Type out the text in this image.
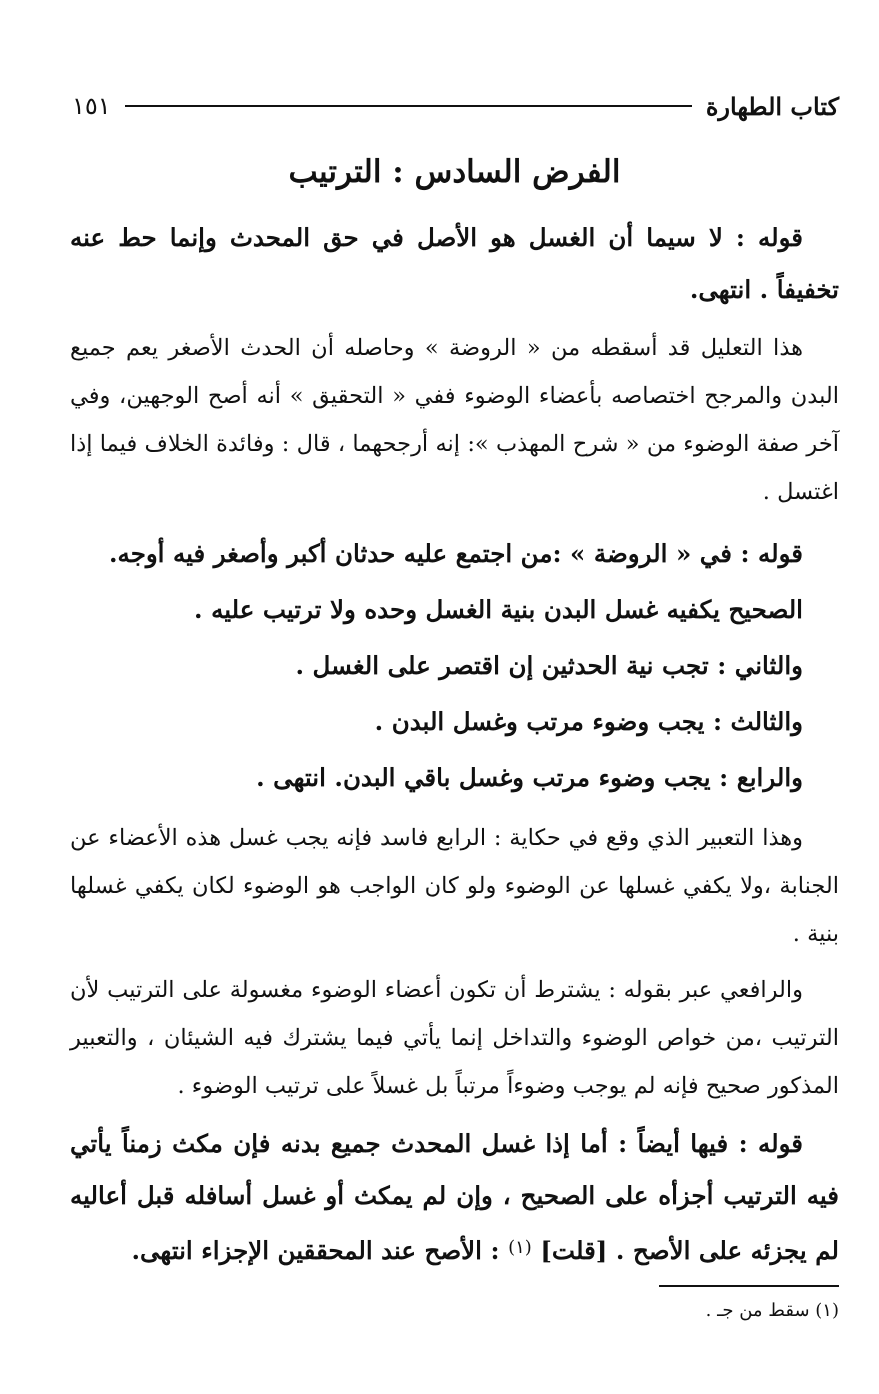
كتاب الطهارة
١٥١
الفرض السادس : الترتيب

قوله : لا سيما أن الغسل هو الأصل في حق المحدث وإنما حط عنه تخفيفاً . انتهى.

هذا التعليل قد أسقطه من « الروضة » وحاصله أن الحدث الأصغر يعم جميع البدن والمرجح اختصاصه بأعضاء الوضوء ففي « التحقيق » أنه أصح الوجهين، وفي آخر صفة الوضوء من « شرح المهذب »: إنه أرجحهما ، قال : وفائدة الخلاف فيما إذا اغتسل .

قوله : في « الروضة » :من اجتمع عليه حدثان أكبر وأصغر فيه أوجه.

الصحيح يكفيه غسل البدن بنية الغسل وحده ولا ترتيب عليه .

والثاني : تجب نية الحدثين إن اقتصر على الغسل .

والثالث : يجب وضوء مرتب وغسل البدن .

والرابع : يجب وضوء مرتب وغسل باقي البدن. انتهى .

وهذا التعبير الذي وقع في حكاية : الرابع فاسد فإنه يجب غسل هذه الأعضاء عن الجنابة ،ولا يكفي غسلها عن الوضوء ولو كان الواجب هو الوضوء لكان يكفي غسلها بنية .

والرافعي عبر بقوله : يشترط أن تكون أعضاء الوضوء مغسولة على الترتيب لأن الترتيب ،من خواص الوضوء والتداخل إنما يأتي فيما يشترك فيه الشيئان ، والتعبير المذكور صحيح فإنه لم يوجب وضوءاً مرتباً بل غسلاً على ترتيب الوضوء .

قوله : فيها أيضاً : أما إذا غسل المحدث جميع بدنه فإن مكث زمناً يأتي فيه الترتيب أجزأه على الصحيح ، وإن لم يمكث أو غسل أسافله قبل أعاليه لم يجزئه على الأصح . [قلت] $^{(١)}$ : الأصح عند المحققين الإجزاء انتهى.

(١) سقط من جـ .
